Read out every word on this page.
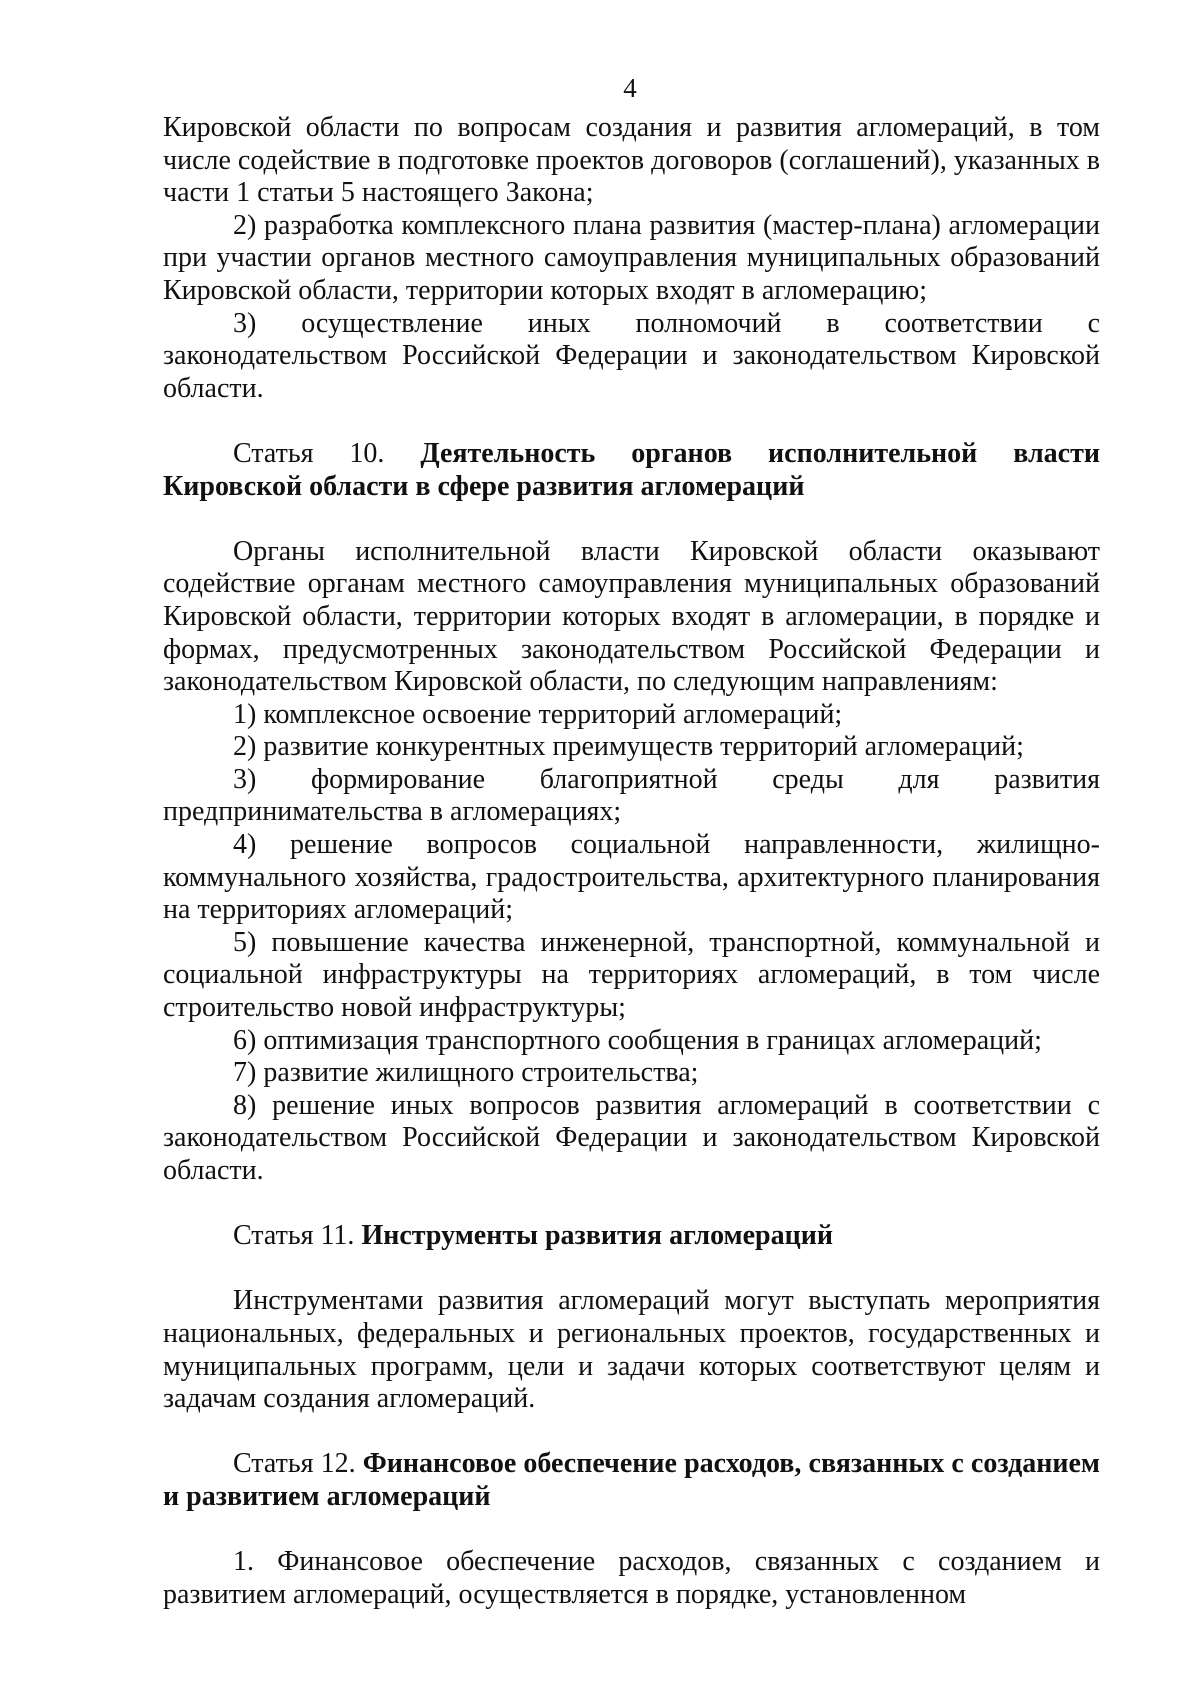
4

Кировской области по вопросам создания и развития агломераций, в том числе содействие в подготовке проектов договоров (соглашений), указанных в части 1 статьи 5 настоящего Закона;

2) разработка комплексного плана развития (мастер-плана) агломерации при участии органов местного самоуправления муниципальных образований Кировской области, территории которых входят в агломерацию;

3) осуществление иных полномочий в соответствии с законодательством Российской Федерации и законодательством Кировской области.

Статья 10. Деятельность органов исполнительной власти Кировской области в сфере развития агломераций

Органы исполнительной власти Кировской области оказывают содействие органам местного самоуправления муниципальных образований Кировской области, территории которых входят в агломерации, в порядке и формах, предусмотренных законодательством Российской Федерации и законодательством Кировской области, по следующим направлениям:

1) комплексное освоение территорий агломераций;

2) развитие конкурентных преимуществ территорий агломераций;

3) формирование благоприятной среды для развития предпринимательства в агломерациях;

4) решение вопросов социальной направленности, жилищно-коммунального хозяйства, градостроительства, архитектурного планирования на территориях агломераций;

5) повышение качества инженерной, транспортной, коммунальной и социальной инфраструктуры на территориях агломераций, в том числе строительство новой инфраструктуры;

6) оптимизация транспортного сообщения в границах агломераций;

7) развитие жилищного строительства;

8) решение иных вопросов развития агломераций в соответствии с законодательством Российской Федерации и законодательством Кировской области.

Статья 11. Инструменты развития агломераций

Инструментами развития агломераций могут выступать мероприятия национальных, федеральных и региональных проектов, государственных и муниципальных программ, цели и задачи которых соответствуют целям и задачам создания агломераций.

Статья 12. Финансовое обеспечение расходов, связанных с созданием и развитием агломераций

1. Финансовое обеспечение расходов, связанных с созданием и развитием агломераций, осуществляется в порядке, установленном
